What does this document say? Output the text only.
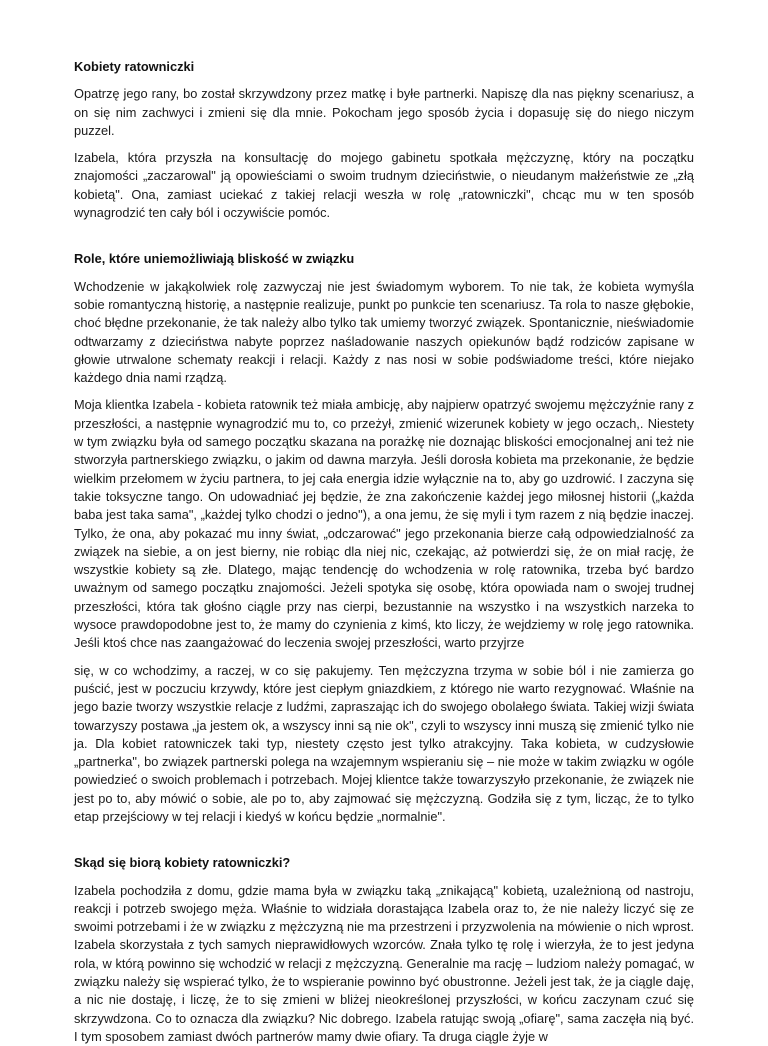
Kobiety ratowniczki

Opatrzę jego rany, bo został skrzywdzony przez matkę i byłe partnerki. Napiszę dla nas piękny scenariusz, a on się nim zachwyci i zmieni się dla mnie. Pokocham jego sposób życia i dopasuję się do niego niczym puzzel.

Izabela, która przyszła na konsultację do mojego gabinetu spotkała mężczyznę, który na początku znajomości „zaczarowal" ją opowieściami o swoim trudnym dzieciństwie, o nieudanym małżeństwie ze „złą kobietą". Ona, zamiast uciekać z takiej relacji weszła w rolę „ratowniczki", chcąc mu w ten sposób wynagrodzić ten cały ból i oczywiście pomóc.

Role, które uniemożliwiają bliskość w związku

Wchodzenie w jakąkolwiek rolę zazwyczaj nie jest świadomym wyborem. To nie tak, że kobieta wymyśla sobie romantyczną historię, a następnie realizuje, punkt po punkcie ten scenariusz. Ta rola to nasze głębokie, choć błędne przekonanie, że tak należy albo tylko tak umiemy tworzyć związek. Spontanicznie, nieświadomie odtwarzamy z dzieciństwa nabyte poprzez naśladowanie naszych opiekunów bądź rodziców zapisane w głowie utrwalone schematy reakcji i relacji. Każdy z nas nosi w sobie podświadome treści, które niejako każdego dnia nami rządzą.

Moja klientka Izabela - kobieta ratownik też miała ambicję, aby najpierw opatrzyć swojemu mężczyźnie rany z przeszłości, a następnie wynagrodzić mu to, co przeżył, zmienić wizerunek kobiety w jego oczach,. Niestety w tym związku była od samego początku skazana na porażkę nie doznając bliskości emocjonalnej ani też nie stworzyła partnerskiego związku, o jakim od dawna marzyła. Jeśli dorosła kobieta ma przekonanie, że będzie wielkim przełomem w życiu partnera, to jej cała energia idzie wyłącznie na to, aby go uzdrowić. I zaczyna się takie toksyczne tango. On udowadniać jej będzie, że zna zakończenie każdej jego miłosnej historii („każda baba jest taka sama", „każdej tylko chodzi o jedno"), a ona jemu, że się myli i tym razem z nią będzie inaczej. Tylko, że ona, aby pokazać mu inny świat, „odczarować" jego przekonania bierze całą odpowiedzialność za związek na siebie, a on jest bierny, nie robiąc dla niej nic, czekając, aż potwierdzi się, że on miał rację, że wszystkie kobiety są złe. Dlatego, mając tendencję do wchodzenia w rolę ratownika, trzeba być bardzo uważnym od samego początku znajomości. Jeżeli spotyka się osobę, która opowiada nam o swojej trudnej przeszłości, która tak głośno ciągle przy nas cierpi, bezustannie na wszystko i na wszystkich narzeka to wysoce prawdopodobne jest to, że mamy do czynienia z kimś, kto liczy, że wejdziemy w rolę jego ratownika. Jeśli ktoś chce nas zaangażować do leczenia swojej przeszłości, warto przyjrze

się, w co wchodzimy, a raczej, w co się pakujemy. Ten mężczyzna trzyma w sobie ból i nie zamierza go puścić, jest w poczuciu krzywdy, które jest ciepłym gniazdkiem, z którego nie warto rezygnować. Właśnie na jego bazie tworzy wszystkie relacje z ludźmi, zapraszając ich do swojego obolałego świata. Takiej wizji świata towarzyszy postawa „ja jestem ok, a wszyscy inni są nie ok", czyli to wszyscy inni muszą się zmienić tylko nie ja. Dla kobiet ratowniczek taki typ, niestety często jest tylko atrakcyjny. Taka kobieta, w cudzysłowie „partnerka", bo związek partnerski polega na wzajemnym wspieraniu się – nie może w takim związku w ogóle powiedzieć o swoich problemach i potrzebach. Mojej klientce także towarzyszyło przekonanie, że związek nie jest po to, aby mówić o sobie, ale po to, aby zajmować się mężczyzną. Godziła się z tym, licząc, że to tylko etap przejściowy w tej relacji i kiedyś w końcu będzie „normalnie".

Skąd się biorą kobiety ratowniczki?

Izabela pochodziła z domu, gdzie mama była w związku taką „znikającą" kobietą, uzależnioną od nastroju, reakcji i potrzeb swojego męża. Właśnie to widziała dorastająca Izabela oraz to, że nie należy liczyć się ze swoimi potrzebami i że w związku z mężczyzną nie ma przestrzeni i przyzwolenia na mówienie o nich wprost. Izabela skorzystała z tych samych nieprawidłowych wzorców. Znała tylko tę rolę i wierzyła, że to jest jedyna rola, w którą powinno się wchodzić w relacji z mężczyzną. Generalnie ma rację – ludziom należy pomagać, w związku należy się wspierać tylko, że to wspieranie powinno być obustronne. Jeżeli jest tak, że ja ciągle daję, a nic nie dostaję, i liczę, że to się zmieni w bliżej nieokreślonej przyszłości, w końcu zaczynam czuć się skrzywdzona. Co to oznacza dla związku? Nic dobrego. Izabela ratując swoją „ofiarę", sama zaczęła nią być. I tym sposobem zamiast dwóch partnerów mamy dwie ofiary. Ta druga ciągle żyje w
